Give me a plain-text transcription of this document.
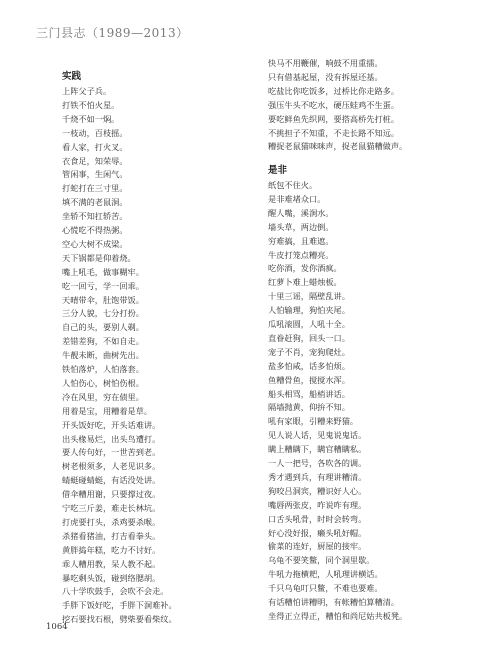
三门县志（1989—2013）
实践
上阵父子兵。
打铁不怕火星。
千烧不如一焖。
一枝动，百枝摇。
看人家，打火叉。
衣食足，知荣辱。
管闲事，生闲气。
打蛇打在三寸里。
填不满的老鼠洞。
坐轿不知扛轿苦。
心慌吃不得热粥。
空心大树不成梁。
天下锅都是仰着烧。
嘴上吼毛，做事糊牢。
吃一回亏，学一回乖。
天晴带伞，肚饱带饭。
三分人貌，七分打扮。
自己的头，要别人剃。
差错差狗，不如自走。
牛靓未断，曲树先出。
铁怕落炉，人怕落套。
人怕伤心，树怕伤根。
冷在风里，穷在债里。
用着是宝，用糟着是草。
开头饭好吃，开头话难讲。
出头椽易烂，出头鸟遭打。
要人传句好，一世苦到老。
树老根须多，人老见识多。
蜻蜓碰蜻蜓，有话没处讲。
借伞糟用谢，只要撑过夜。
宁吃三斤姜，难走长林坑。
打虎要打头，杀鸡要杀喉。
杀猪看猪油，打吉看拳头。
黄胖捣年糕，吃力不讨好。
乖人糟用教，呆人教不起。
暴吃剩头饭，碰到络腮胡。
八十学吹鼓手，会吹不会走。
手胖下饭好吃，手胖下洞难补。
挖石要找石根，劈柴要看柴纹。
快马不用鞭催，响鼓不用重擂。
只有借基起屋，没有拆屋还基。
吃盐比你吃饭多，过桥比你走路多。
强压牛头不吃水，硬压蛙鸡不生蛋。
要吃鲜鱼先织网，要搭高桥先打桩。
不挑担子不知重，不走长路不知远。
糟捉老鼠猫咪咪声，捉老鼠猫糟做声。
是非
纸包不住火。
是非难堵众口。
醒人嘴，溪涧水。
墙头草，两边倒。
穷难搞，且难遮。
牛皮打笼点糟亮。
吃你酒，发你酒疯。
红萝卜难上蜡烛板。
十里三谣，隔壁乱讲。
人怕输理，狗怕夹尾。
瓜吼滚圆，人吼十全。
直眷赶狗，回头一口。
宠子不肖，宠狗爬灶。
盐多怕咸，话多怕烦。
鱼糟骨鱼，搅搅水浑。
船头相骂，船梢讲话。
隔墙抛黄，仰拚不知。
吼有家眼，引糟来野猫。
见人说人话，见鬼说鬼话。
瞒上糟瞒下，瞒官糟瞒私。
一人一把号，各吹各的调。
秀才遇到兵，有理讲糟清。
狗咬吕洞宾，糟识好人心。
嘴唇两张皮，咋说咋有理。
口舌头吼骨，时时会转弯。
好心没好报，癞头吼好帽。
偷菜的连好，厨屋的接牢。
乌龟不要笑鳖，同个洞里歇。
牛吼力拖横耙，人吼理讲横话。
千只乌龟叮只鳖，不难也要难。
有话糟怕讲糟明，有帐糟怕算糟清。
坐得正立得正，糟怕和尚尼姑共板凳。
1064
